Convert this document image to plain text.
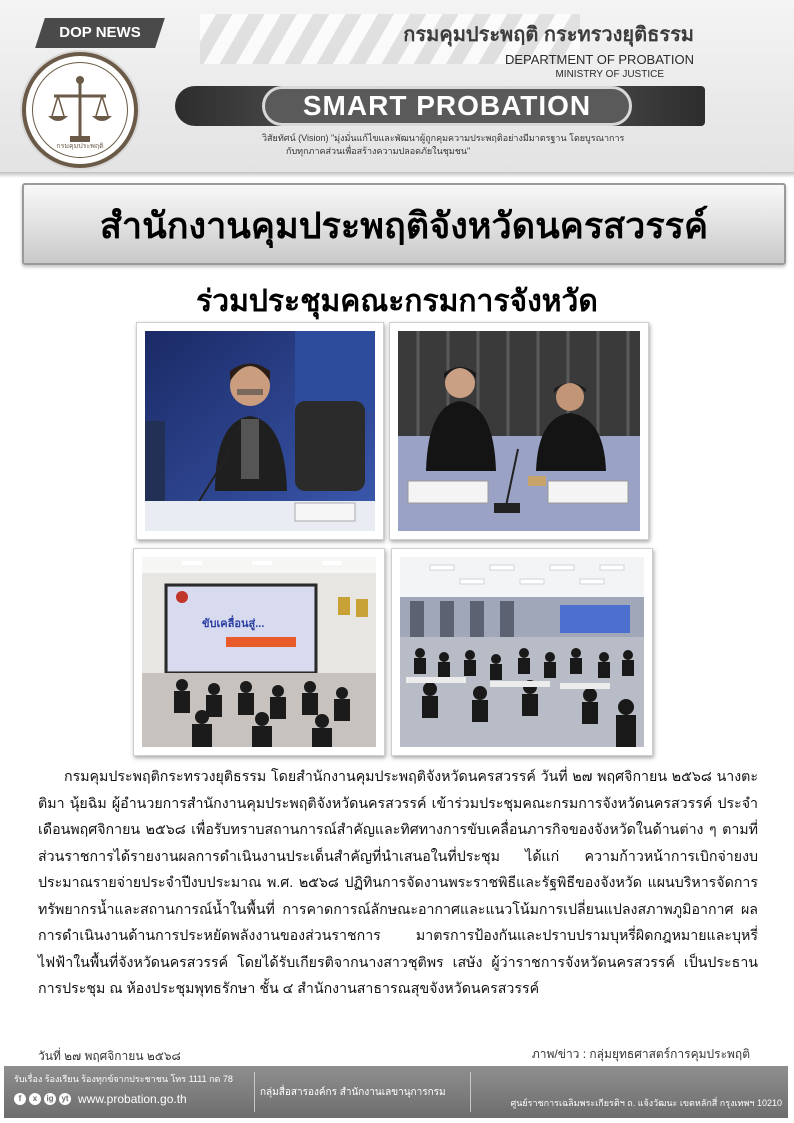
DOP NEWS	กรมคุมประพฤติ กระทรวงยุติธรรม
DEPARTMENT OF PROBATION
MINISTRY OF JUSTICE
SMART PROBATION
วิสัยทัศน์ (Vision) "มุ่งมั่นแก้ไขและพัฒนาผู้ถูกคุมความประพฤติอย่างมีมาตรฐาน โดยบูรณาการ
กับทุกภาคส่วนเพื่อสร้างความปลอดภัยในชุมชน"
กรมคุมประพฤติ
สำนักงานคุมประพฤติจังหวัดนครสวรรค์
ร่วมประชุมคณะกรมการจังหวัด
ขับเคลื่อนสู่...
กรมคุมประพฤติกระทรวงยุติธรรม โดยสำนักงานคุมประพฤติจังหวัดนครสวรรค์ วันที่ ๒๗ พฤศจิกายน ๒๕๖๘ นางตะติมา นุ้ยฉิม ผู้อำนวยการสำนักงานคุมประพฤติจังหวัดนครสวรรค์ เข้าร่วมประชุมคณะกรมการจังหวัดนครสวรรค์ ประจำเดือนพฤศจิกายน ๒๕๖๘ เพื่อรับทราบสถานการณ์สำคัญและทิศทางการขับเคลื่อนภารกิจของจังหวัดในด้านต่าง ๆ ตามที่ส่วนราชการได้รายงานผลการดำเนินงานประเด็นสำคัญที่นำเสนอในที่ประชุม ได้แก่ ความก้าวหน้าการเบิกจ่ายงบประมาณรายจ่ายประจำปีงบประมาณ พ.ศ. ๒๕๖๘ ปฏิทินการจัดงานพระราชพิธีและรัฐพิธีของจังหวัด แผนบริหารจัดการทรัพยากรน้ำและสถานการณ์น้ำในพื้นที่ การคาดการณ์ลักษณะอากาศและแนวโน้มการเปลี่ยนแปลงสภาพภูมิอากาศ ผลการดำเนินงานด้านการประหยัดพลังงานของส่วนราชการ มาตรการป้องกันและปราบปรามบุหรี่ผิดกฎหมายและบุหรี่ไฟฟ้าในพื้นที่จังหวัดนครสวรรค์ โดยได้รับเกียรติจากนางสาวชุติพร เสษัง ผู้ว่าราชการจังหวัดนครสวรรค์ เป็นประธานการประชุม ณ ห้องประชุมพุทธรักษา ชั้น ๔ สำนักงานสาธารณสุขจังหวัดนครสวรรค์
วันที่ ๒๗ พฤศจิกายน ๒๕๖๘	ภาพ/ข่าว : กลุ่มยุทธศาสตร์การคุมประพฤติ
รับเรื่อง ร้องเรียน ร้องทุกข์จากประชาชน โทร 1111 กด 78
f	x	ig yt www.probation.go.th	กลุ่มสื่อสารองค์กร สำนักงานเลขานุการกรม
ศูนย์ราชการเฉลิมพระเกียรติฯ ถ. แจ้งวัฒนะ เขตหลักสี่ กรุงเทพฯ 10210
